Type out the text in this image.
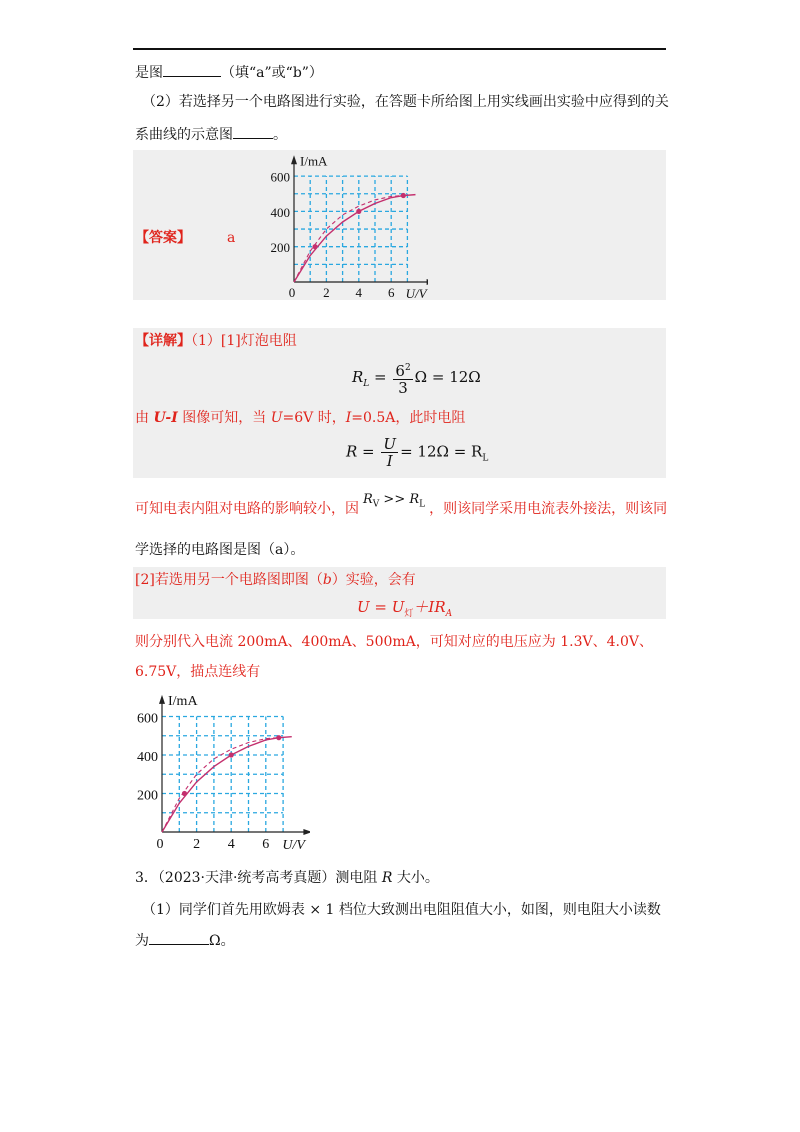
是图	（填“a”或“b”）
（2）若选择另一个电路图进行实验，在答题卡所给图上用实线画出实验中应得到的关
系曲线的示意图	。
【答案】	a
0 2 4 6
200
400
600
I/mA
U/V
【详解】（1）[1]灯泡电阻
$R_L = \frac{6^2}{3}$ Ω = 12Ω
由 U-I 图像可知，当 U=6V 时，I=0.5A，此时电阻
$R = \frac{U}{I} = 12\Omega = R_L$
可知电表内阻对电路的影响较小，因$R_V >> R_L$ ，则该同学采用电流表外接法，则该同
学选择的电路图是图（a）。
[2]若选用另一个电路图即图（b）实验，会有
$U = U_灯+IR_A$
则分别代入电流 200mA、400mA、500mA，可知对应的电压应为 1.3V、4.0V、
6.75V，描点连线有
0 2 4 6
200
400
600
I/mA
U/V
3．（2023·天津·统考高考真题）测电阻 R 大小。
（1）同学们首先用欧姆表 × 1 档位大致测出电阻阻值大小，如图，则电阻大小读数
为	Ω。
